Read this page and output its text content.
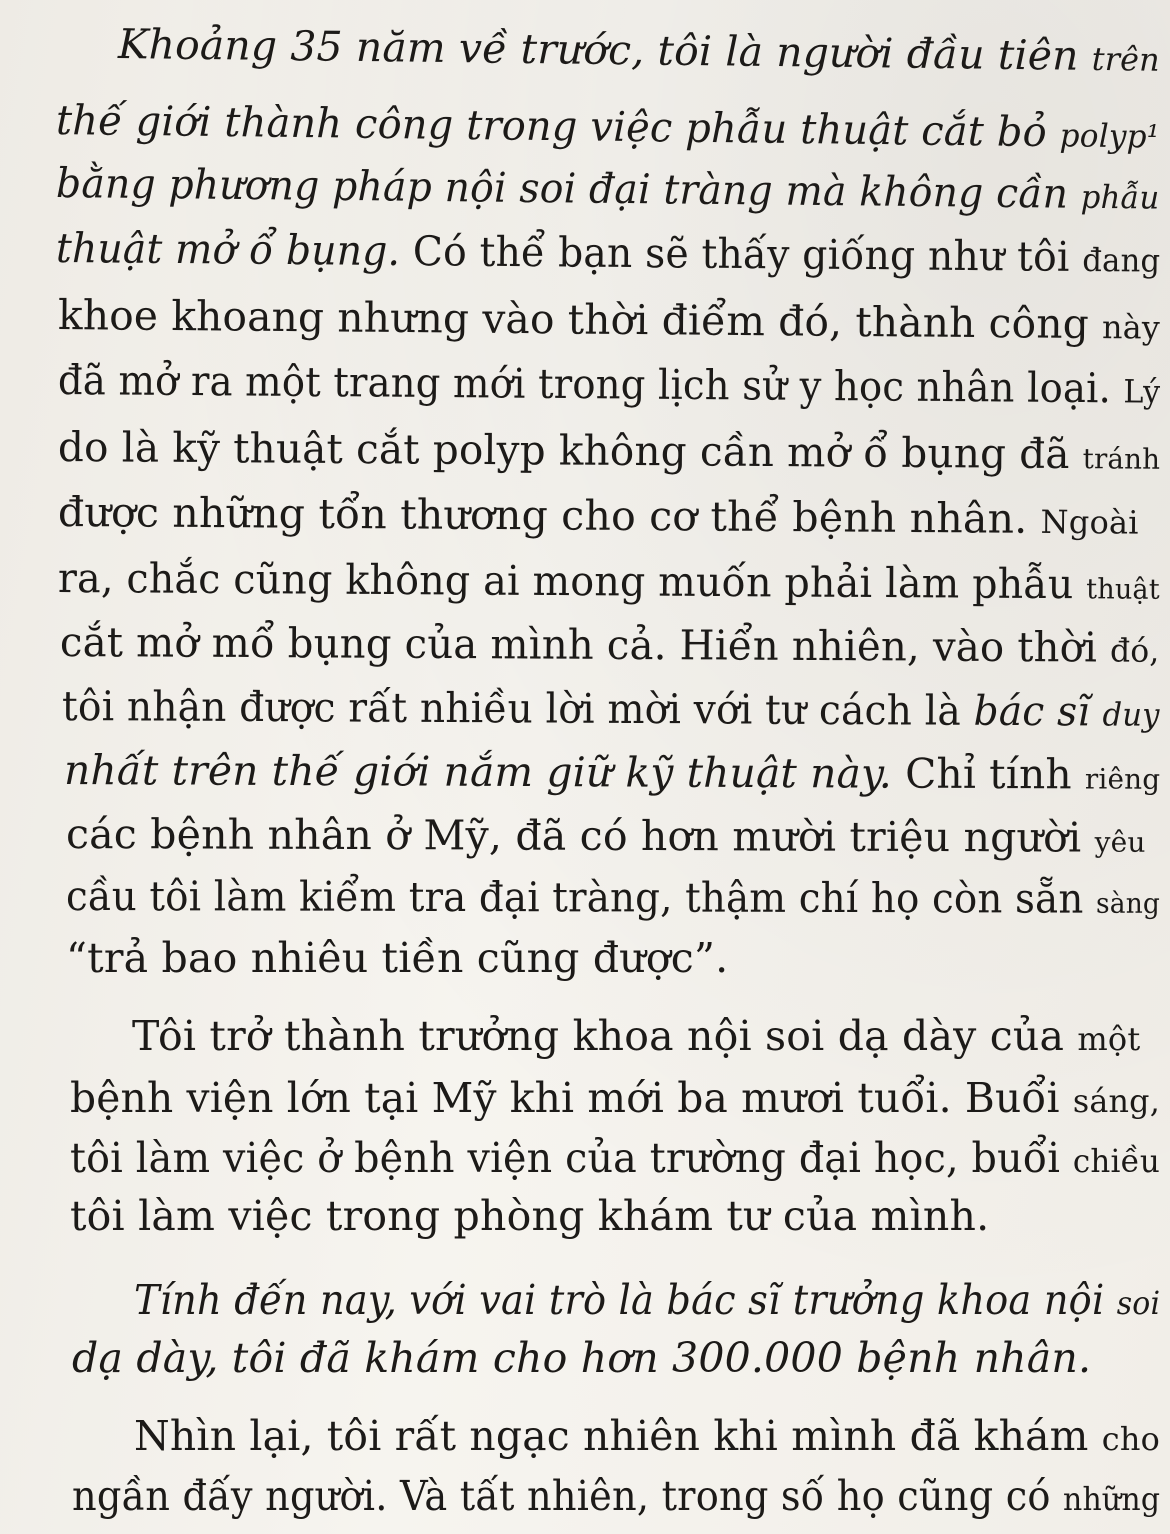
Khoảng 35 năm về trước, tôi là người đầu tiên trên
thế giới thành công trong việc phẫu thuật cắt bỏ polyp¹
bằng phương pháp nội soi đại tràng mà không cần phẫu
thuật mở ổ bụng. Có thể bạn sẽ thấy giống như tôi đang
khoe khoang nhưng vào thời điểm đó, thành công này
đã mở ra một trang mới trong lịch sử y học nhân loại. Lý
do là kỹ thuật cắt polyp không cần mở ổ bụng đã tránh
được những tổn thương cho cơ thể bệnh nhân. Ngoài
ra, chắc cũng không ai mong muốn phải làm phẫu thuật
cắt mở mổ bụng của mình cả. Hiển nhiên, vào thời đó,
tôi nhận được rất nhiều lời mời với tư cách là bác sĩ duy
nhất trên thế giới nắm giữ kỹ thuật này. Chỉ tính riêng
các bệnh nhân ở Mỹ, đã có hơn mười triệu người yêu
cầu tôi làm kiểm tra đại tràng, thậm chí họ còn sẵn sàng
“trả bao nhiêu tiền cũng được”.
Tôi trở thành trưởng khoa nội soi dạ dày của một
bệnh viện lớn tại Mỹ khi mới ba mươi tuổi. Buổi sáng,
tôi làm việc ở bệnh viện của trường đại học, buổi chiều
tôi làm việc trong phòng khám tư của mình.
Tính đến nay, với vai trò là bác sĩ trưởng khoa nội soi
dạ dày, tôi đã khám cho hơn 300.000 bệnh nhân.
Nhìn lại, tôi rất ngạc nhiên khi mình đã khám cho
ngần đấy người. Và tất nhiên, trong số họ cũng có những
